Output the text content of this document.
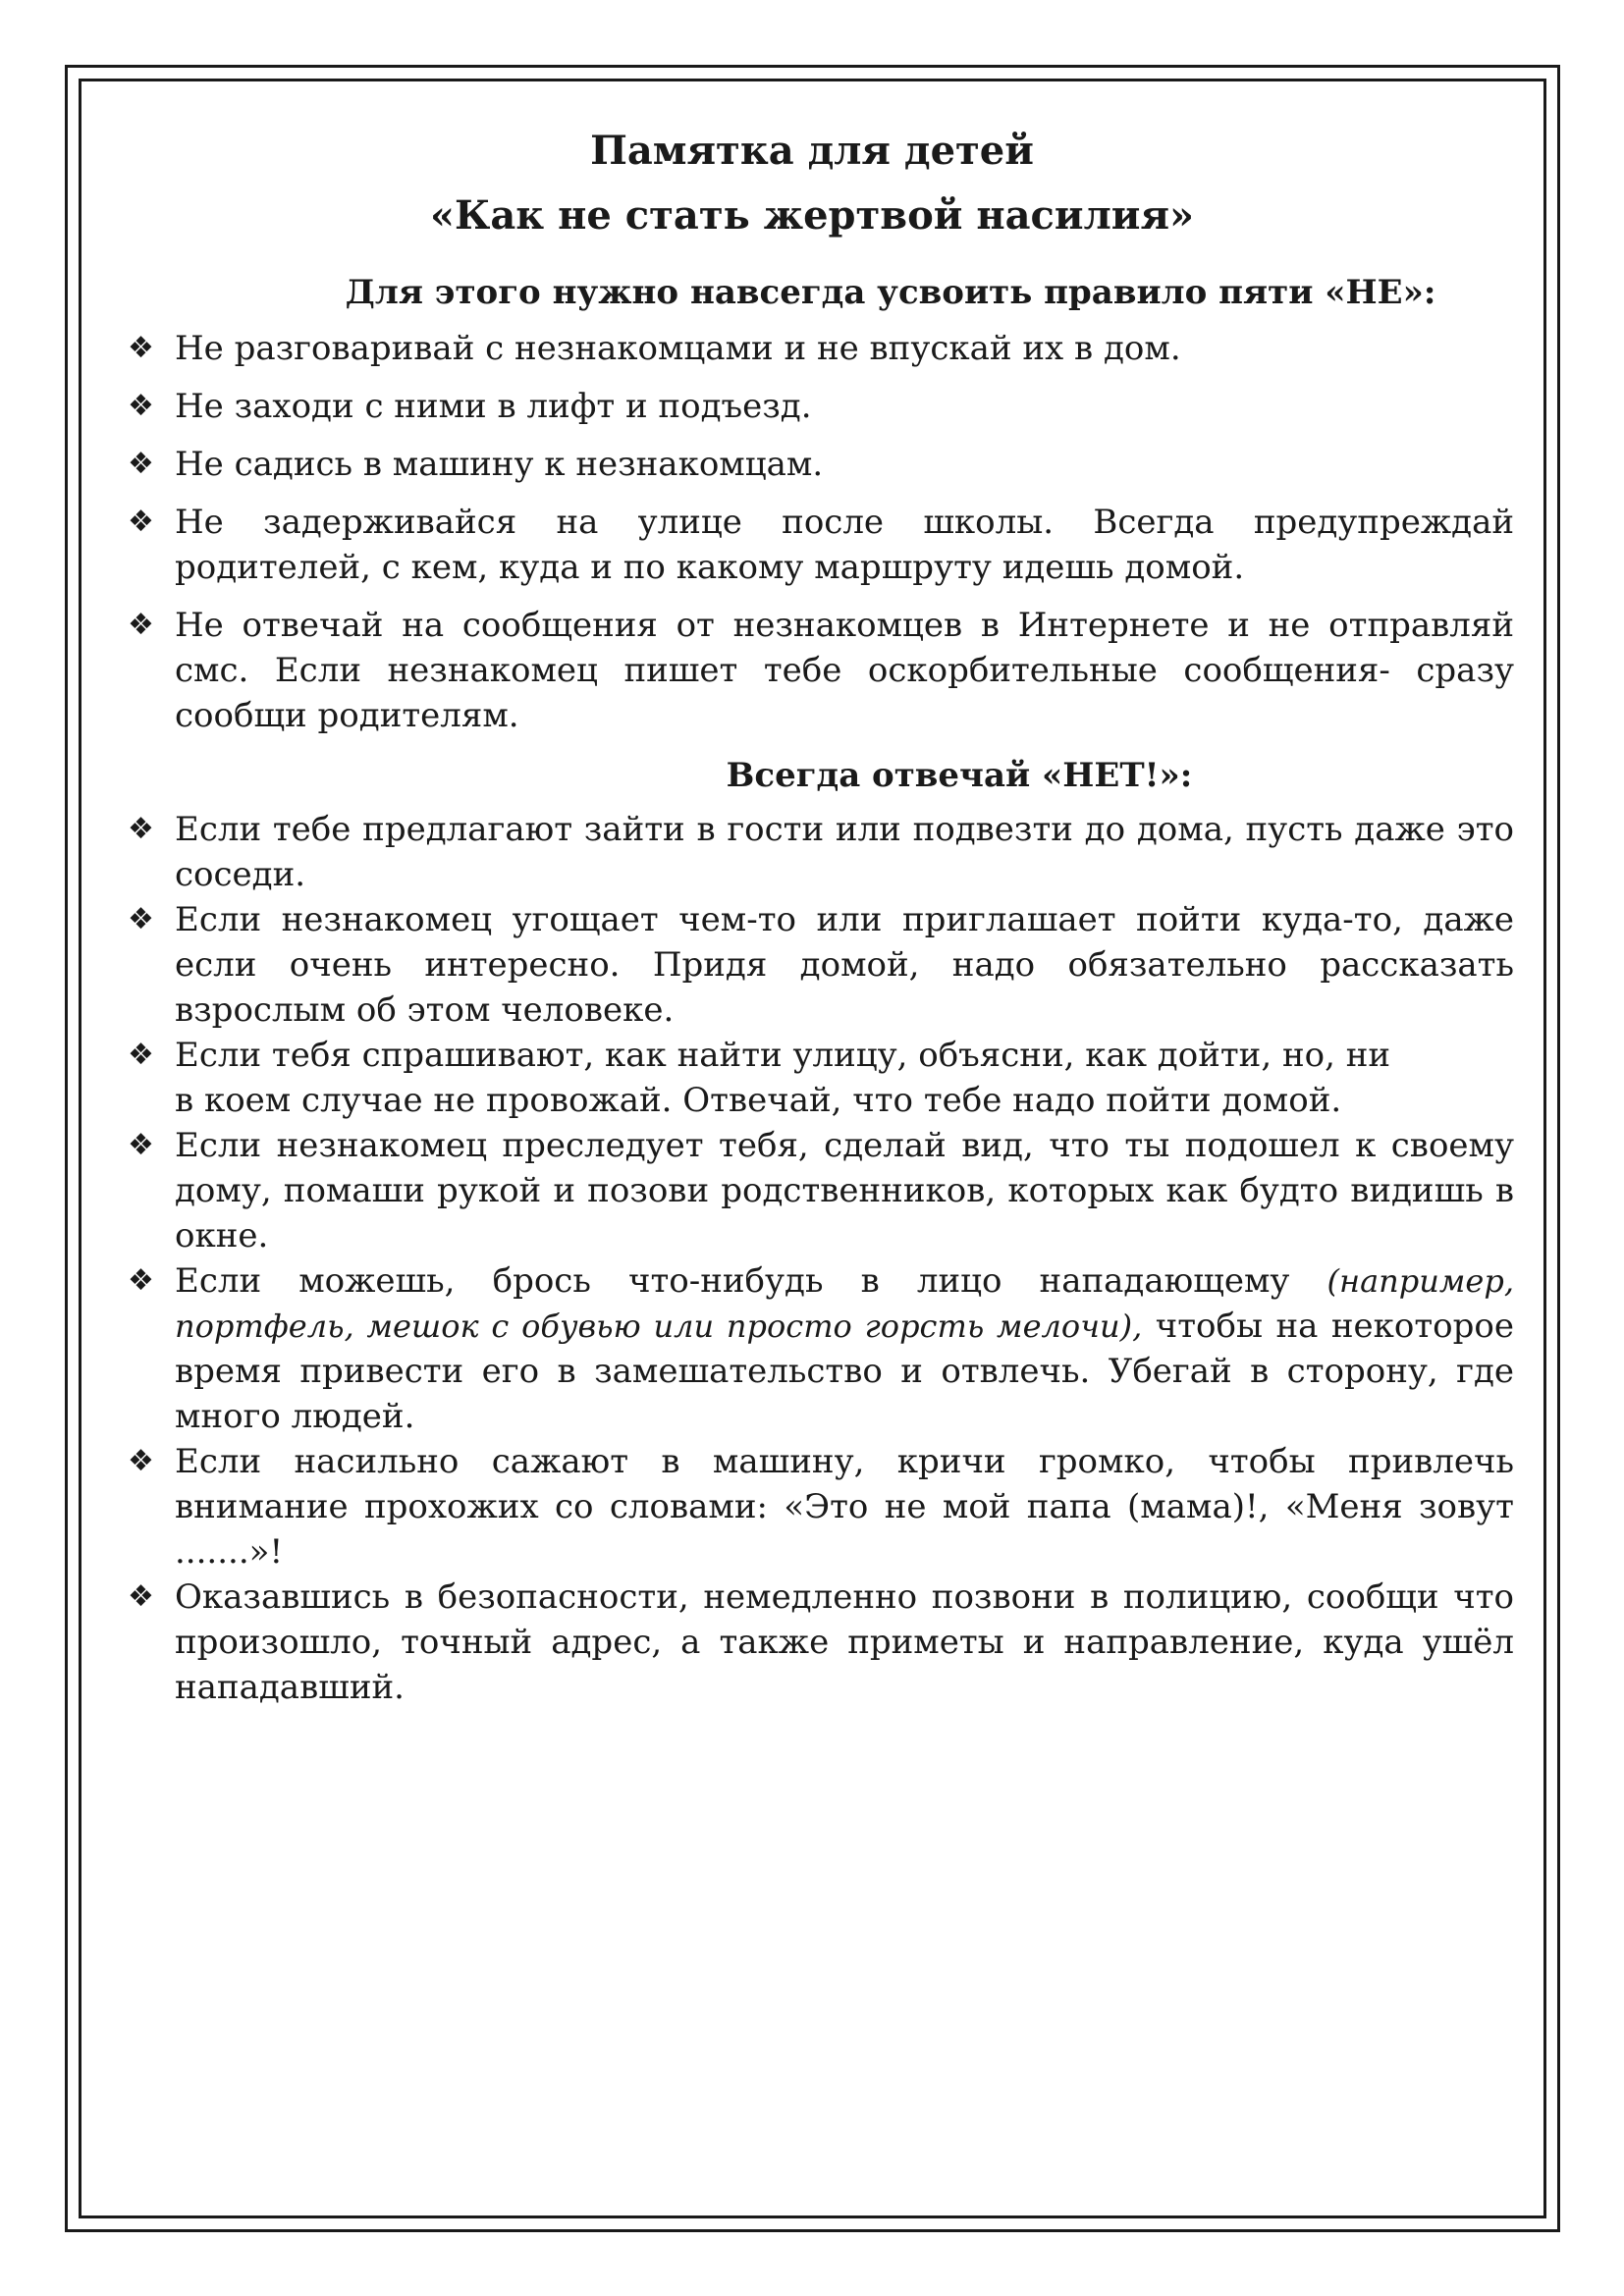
Памятка для детей
«Как не стать жертвой насилия»
Для этого нужно навсегда усвоить правило пяти «НЕ»:
❖ Не разговаривай с незнакомцами и не впускай их в дом.
❖ Не заходи с ними в лифт и подъезд.
❖ Не садись в машину к незнакомцам.
❖ Не задерживайся на улице после школы. Всегда предупреждай родителей, с кем, куда и по какому маршруту идешь домой.
❖ Не отвечай на сообщения от незнакомцев в Интернете и не отправляй смс. Если незнакомец пишет тебе оскорбительные сообщения- сразу сообщи родителям.
Всегда отвечай «НЕТ!»:
❖ Если тебе предлагают зайти в гости или подвезти до дома, пусть даже это соседи.
❖ Если незнакомец угощает чем-то или приглашает пойти куда-то, даже если очень интересно. Придя домой, надо обязательно рассказать взрослым об этом человеке.
❖ Если тебя спрашивают, как найти улицу, объясни, как дойти, но, ни
в коем случае не провожай. Отвечай, что тебе надо пойти домой.
❖ Если незнакомец преследует тебя, сделай вид, что ты подошел к своему дому, помаши рукой и позови родственников, которых как будто видишь в окне.
❖ Если можешь, брось что-нибудь в лицо нападающему (например, портфель, мешок с обувью или просто горсть мелочи), чтобы на некоторое время привести его в замешательство и отвлечь. Убегай в сторону, где много людей.
❖ Если насильно сажают в машину, кричи громко, чтобы привлечь внимание прохожих со словами: «Это не мой папа (мама)!, «Меня зовут .......»!
❖ Оказавшись в безопасности, немедленно позвони в полицию, сообщи что произошло, точный адрес, а также приметы и направление, куда ушёл нападавший.
